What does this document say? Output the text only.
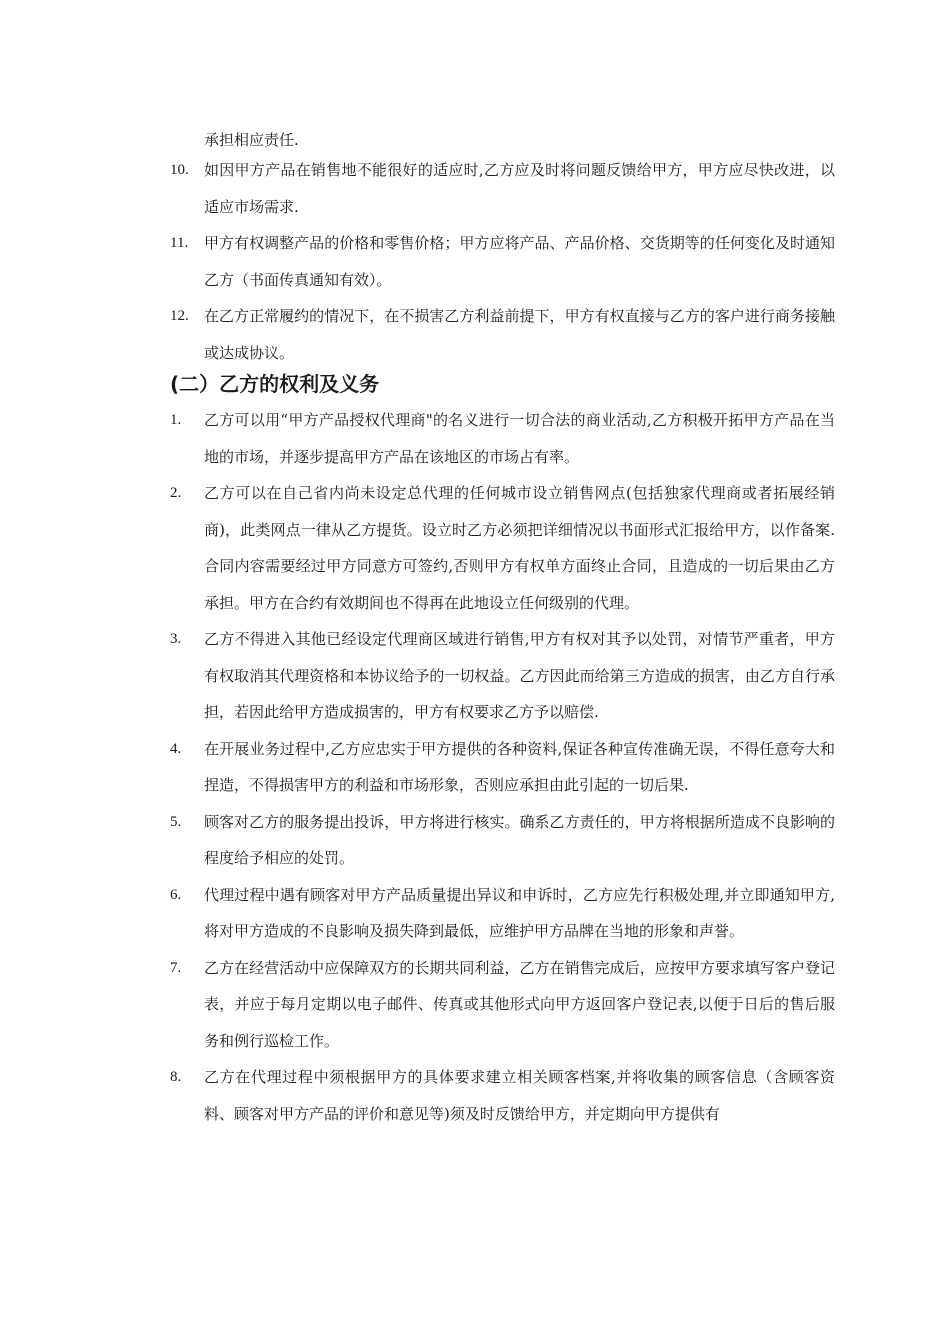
承担相应责任.
10. 如因甲方产品在销售地不能很好的适应时,乙方应及时将问题反馈给甲方，甲方应尽快改进，以适应市场需求.
11. 甲方有权调整产品的价格和零售价格；甲方应将产品、产品价格、交货期等的任何变化及时通知乙方（书面传真通知有效）。
12. 在乙方正常履约的情况下，在不损害乙方利益前提下，甲方有权直接与乙方的客户进行商务接触或达成协议。
(二）乙方的权利及义务
1. 乙方可以用“甲方产品授权代理商"的名义进行一切合法的商业活动,乙方积极开拓甲方产品在当地的市场，并逐步提高甲方产品在该地区的市场占有率。
2. 乙方可以在自己省内尚未设定总代理的任何城市设立销售网点(包括独家代理商或者拓展经销商)，此类网点一律从乙方提货。设立时乙方必须把详细情况以书面形式汇报给甲方，以作备案.合同内容需要经过甲方同意方可签约,否则甲方有权单方面终止合同，且造成的一切后果由乙方承担。甲方在合约有效期间也不得再在此地设立任何级别的代理。
3. 乙方不得进入其他已经设定代理商区域进行销售,甲方有权对其予以处罚，对情节严重者，甲方有权取消其代理资格和本协议给予的一切权益。乙方因此而给第三方造成的损害，由乙方自行承担，若因此给甲方造成损害的，甲方有权要求乙方予以赔偿.
4. 在开展业务过程中,乙方应忠实于甲方提供的各种资料,保证各种宣传准确无误，不得任意夸大和捏造，不得损害甲方的利益和市场形象，否则应承担由此引起的一切后果.
5. 顾客对乙方的服务提出投诉，甲方将进行核实。确系乙方责任的，甲方将根据所造成不良影响的程度给予相应的处罚。
6. 代理过程中遇有顾客对甲方产品质量提出异议和申诉时，乙方应先行积极处理,并立即通知甲方,将对甲方造成的不良影响及损失降到最低，应维护甲方品牌在当地的形象和声誉。
7. 乙方在经营活动中应保障双方的长期共同利益，乙方在销售完成后，应按甲方要求填写客户登记表，并应于每月定期以电子邮件、传真或其他形式向甲方返回客户登记表,以便于日后的售后服务和例行巡检工作。
8. 乙方在代理过程中须根据甲方的具体要求建立相关顾客档案,并将收集的顾客信息（含顾客资料、顾客对甲方产品的评价和意见等)须及时反馈给甲方，并定期向甲方提供有
